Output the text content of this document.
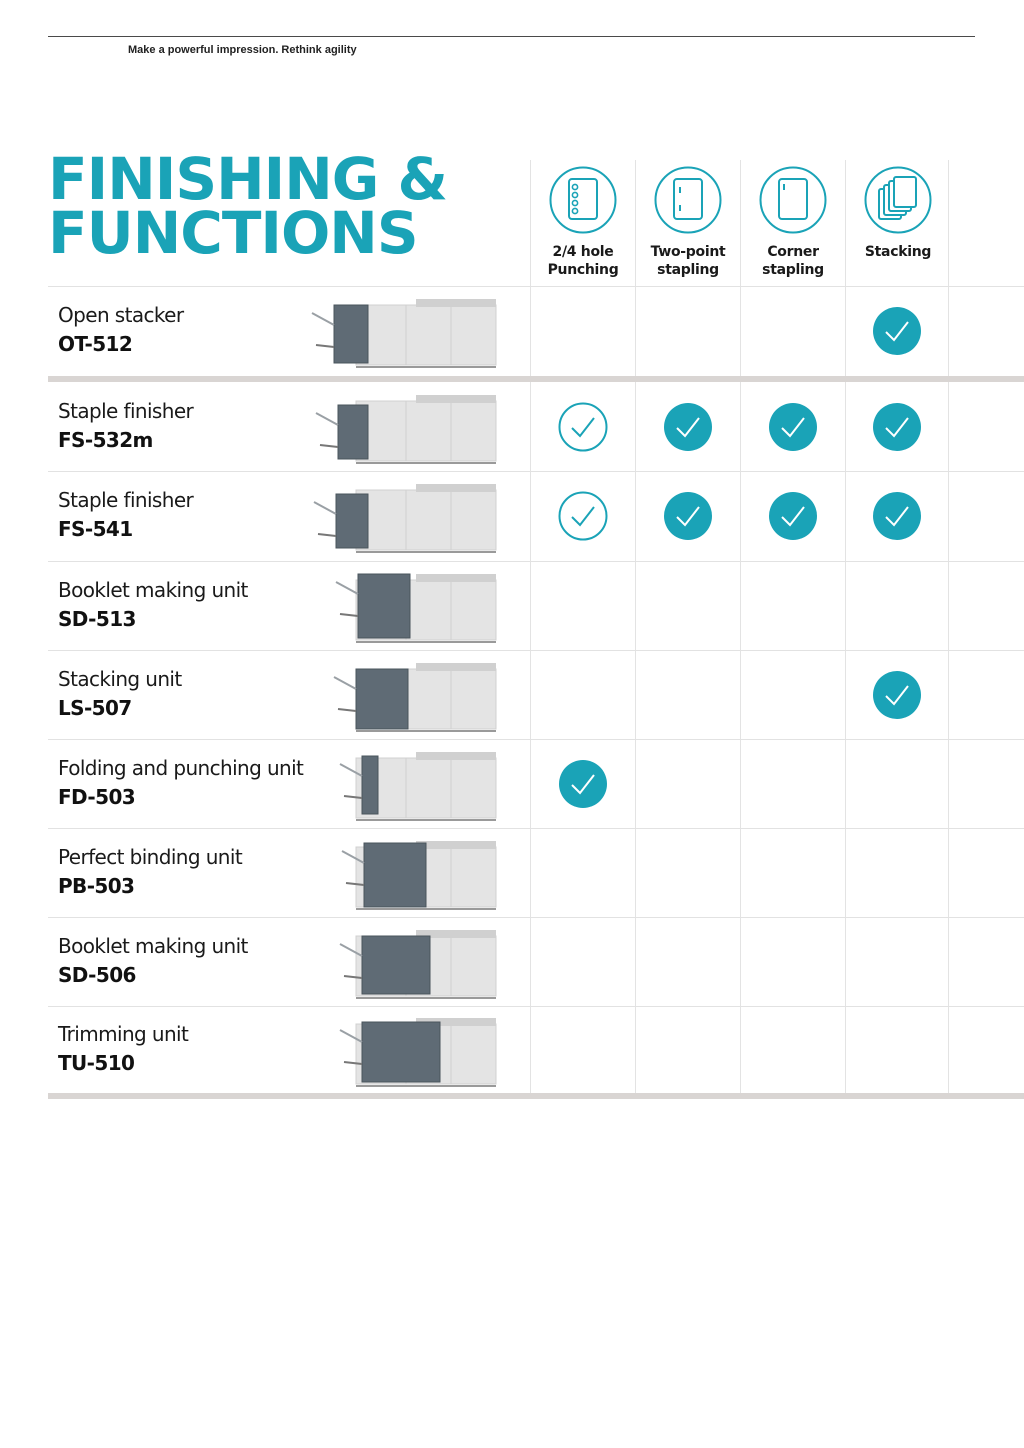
Make a powerful impression. Rethink agility
FINISHING &
FUNCTIONS	2/4 hole
Punching
Two-point
stapling
Corner
stapling
Stacking
Open stacker
OT-512
Staple finisher
FS-532m
Staple finisher
FS-541
Booklet making unit
SD-513
Stacking unit
LS-507
Folding and punching unit
FD-503
Perfect binding unit
PB-503
Booklet making unit
SD-506
Trimming unit
TU-510
